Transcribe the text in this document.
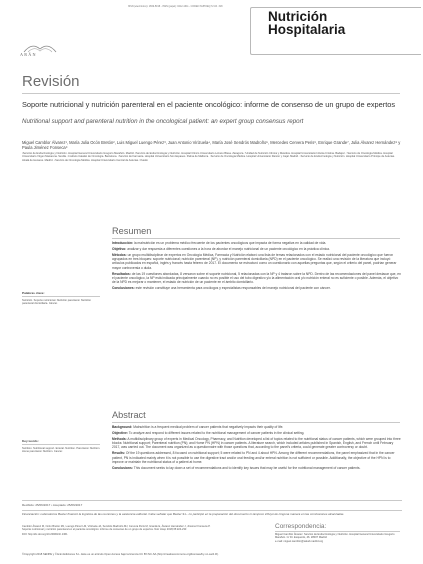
ISSN (electrónico): 1699-5198 - ISSN (papel): 0212-1611 - CODEN NUHOEQ S.V.R. 318
Nutrición
Hospitalaria
ARÁN
Revisión
Soporte nutricional y nutrición parenteral en el paciente oncológico: informe de consenso de un grupo de expertos
Nutritional support and parenteral nutrition in the oncological patient: an expert group consensus report
Miguel Camblor Álvarez¹, María Julia Ocón Bretón², Luis Miguel Luengo Pérez³, Juan Antonio Virizuela⁴, María José Sendrós Madroño⁵, Mercedes Cervera Peris⁶, Enrique Grande⁷, Julia Álvarez Hernández⁸ y Paula Jiménez Fonseca⁹
¹Servicio de Endocrinología y Nutrición. Hospital General Universitario Gregorio Marañón. Madrid. ²Servicio de Endocrinología y Nutrición. Hospital Clínico Universitario Lozano Blesa. Zaragoza. ³Unidad de Nutrición Clínica y Dietética. Hospital Universitario Infanta Cristina. Badajoz. ⁴Servicio de Oncología Médica. Hospital Universitario Virgen Macarena. Sevilla. ⁵Instituto Catalán de Oncología. Barcelona. ⁶Servicio de Farmacia. Hospital Universitario Son Espases. Palma de Mallorca. ⁷Servicio de Oncología Médica. Hospital Universitario Ramón y Cajal. Madrid. ⁸Servicio de Endocrinología y Nutrición. Hospital Universitario Príncipe de Asturias. Alcalá de Henares. Madrid. ⁹Servicio de Oncología Médica. Hospital Universitario Central de Asturias. Oviedo
Resumen

Introducción: la malnutrición es un problema médico frecuente de los pacientes oncológicos que impacta de forma negativa en la calidad de vida.

Objetivo: analizar y dar respuesta a diferentes cuestiones a la hora de abordar el manejo nutricional de un paciente oncológico en la práctica clínica.

Métodos: un grupo multidisciplinar de expertos en Oncología Médica, Farmacia y Nutrición elaboró una lista de temas relacionados con el estado nutricional del paciente oncológico que fueron agrupados en tres bloques: soporte nutricional; nutrición parenteral (NP), y nutrición parenteral domiciliaria (NPD) en el paciente oncológico. Se realizó una revisión de la literatura que incluyó artículos publicados en español, inglés y francés hasta febrero de 2017. El documento se estructuró como un cuestionario con aquellas preguntas que, según el criterio del panel, podrían generar mayor controversia o duda.

Resultados: de las 19 cuestiones abordadas, 8 versaron sobre el soporte nutricional, 5 relacionadas con la NP y 4 trataron sobre la NPD. Dentro de las recomendaciones del panel destacar que, en el paciente oncológico, la NP está indicada principalmente cuando no es posible el uso del tubo digestivo y/o la alimentación oral y/o nutrición enteral no es suficiente o posible. Además, el objetivo de la NPD es mejorar o mantener, el estado de nutrición de un paciente en el ámbito domiciliario.

Conclusiones: este revisión constituye una herramienta para oncólogos y especialistas responsables del manejo nutricional del paciente con cáncer.

Palabras clave:
Nutrición. Soporte nutricional. Nutrición parenteral. Nutrición parenteral domiciliaria. Cáncer.
Abstract

Background: Malnutrition is a frequent medical problem of cancer patients that negatively impacts their quality of life.

Objective: To analyze and respond to different issues related to the nutritional management of cancer patients in the clinical setting.

Methods: A multidisciplinary group of experts in Medical Oncology, Pharmacy, and Nutrition developed a list of topics related to the nutritional status of cancer patients, which were grouped into three blocks: Nutritional support; Parenteral nutrition (PN); and Home PN (HPN) in cancer patients. A literature search, which included articles published in Spanish, English, and French until February 2017, was carried out. The document was organized as a questionnaire with those questions that, according to the panel's criteria, could generate greater controversy or doubt.

Results: Of the 19 questions addressed, 8 focused on nutritional support; 5 were related to PN and 4 about HPN. Among the different recommendations, the panel emphasized that in the cancer patient, PN is indicated mainly when it is not possible to use the digestive tract and/or oral feeding and/or enteral nutrition is not sufficient or possible. Additionally, the objective of the HPN is to improve or maintain the nutritional status of a patient at home.

Conclusions: This document seeks to lay down a set of recommendations and to identify key issues that may be useful for the nutritional management of cancer patients.

Key words:
Nutrition. Nutritional support. Enteral. Nutrition. Parenteral. Nutrition. Home parenteral. Nutrition. Cancer.
Recibido: 25/06/2017 • Aceptado: 25/06/2017
Financiación: Laboratorios Baxter financió la logística de las reuniones y la asistencia editorial. Cabe señalar que Baxter S.L. no participó en la preparación del documento ni tampoco influyó de ninguna manera en las conclusiones alcanzadas.
Camblor Álvarez M, Ocón Bretón MJ, Luengo Pérez LM, Virizuela JA, Sendrós Madroño MJ, Cervera Peris M, Grande E, Álvarez Hernández J, Jiménez Fonseca P. Soporte nutricional y nutrición parenteral en el paciente oncológico: informe de consenso de un grupo de expertos. Nutr Hosp 2018;35:224-233
DOI: http://dx.doi.org/10.20960/nh.1361
Correspondencia:
Miguel Camblor Álvarez. Servicio de Endocrinología y Nutrición. Hospital General Universitario Gregorio Marañón. C/ Dr. Esquerdo, 46. 28007 Madrid
e-mail: miguel.camblor@salud.madrid.org
©Copyright 2018 SENPE y ©Arán Ediciones S.L. Este es un artículo Open Access bajo la licencia CC BY-NC-SA (http://creativecommons.org/licenses/by-nc-sa/4.0/).
